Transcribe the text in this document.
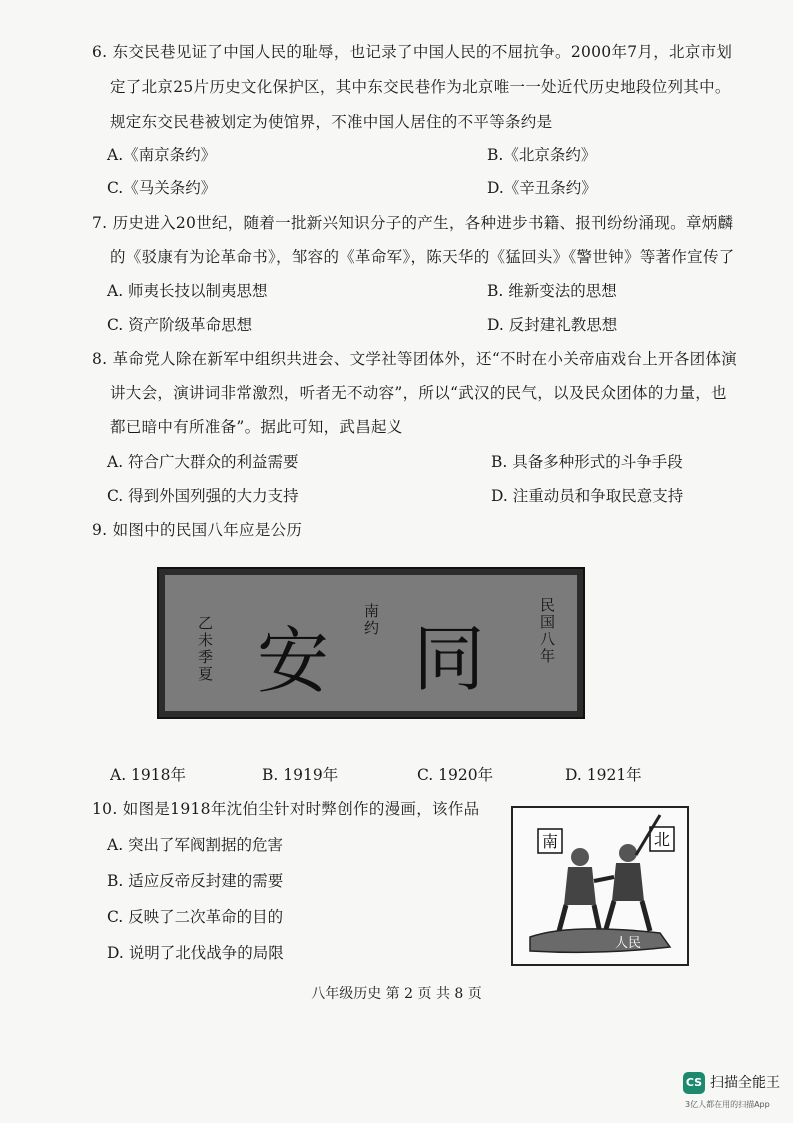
6. 东交民巷见证了中国人民的耻辱，也记录了中国人民的不屈抗争。2000年7月，北京市划
定了北京25片历史文化保护区，其中东交民巷作为北京唯一一处近代历史地段位列其中。
规定东交民巷被划定为使馆界，不准中国人居住的不平等条约是
A.《南京条约》	B.《北京条约》
C.《马关条约》	D.《辛丑条约》
7. 历史进入20世纪，随着一批新兴知识分子的产生，各种进步书籍、报刊纷纷涌现。章炳麟
的《驳康有为论革命书》，邹容的《革命军》，陈天华的《猛回头》《警世钟》等著作宣传了
A. 师夷长技以制夷思想	B. 维新变法的思想
C. 资产阶级革命思想	D. 反封建礼教思想
8. 革命党人除在新军中组织共进会、文学社等团体外，还“不时在小关帝庙戏台上开各团体演
讲大会，演讲词非常激烈，听者无不动容”，所以“武汉的民气，以及民众团体的力量，也
都已暗中有所准备”。据此可知，武昌起义
A. 符合广大群众的利益需要	B. 具备多种形式的斗争手段
C. 得到外国列强的大力支持	D. 注重动员和争取民意支持
9. 如图中的民国八年应是公历
乙未季夏 安 南约 同	民国八年
A. 1918年	B. 1919年	C. 1920年	D. 1921年
10. 如图是1918年沈伯尘针对时弊创作的漫画，该作品
A. 突出了军阀割据的危害
B. 适应反帝反封建的需要
C. 反映了二次革命的目的
D. 说明了北伐战争的局限
南	北
人民
八年级历史 第 2 页 共 8 页
CS 扫描全能王
3亿人都在用的扫描App
